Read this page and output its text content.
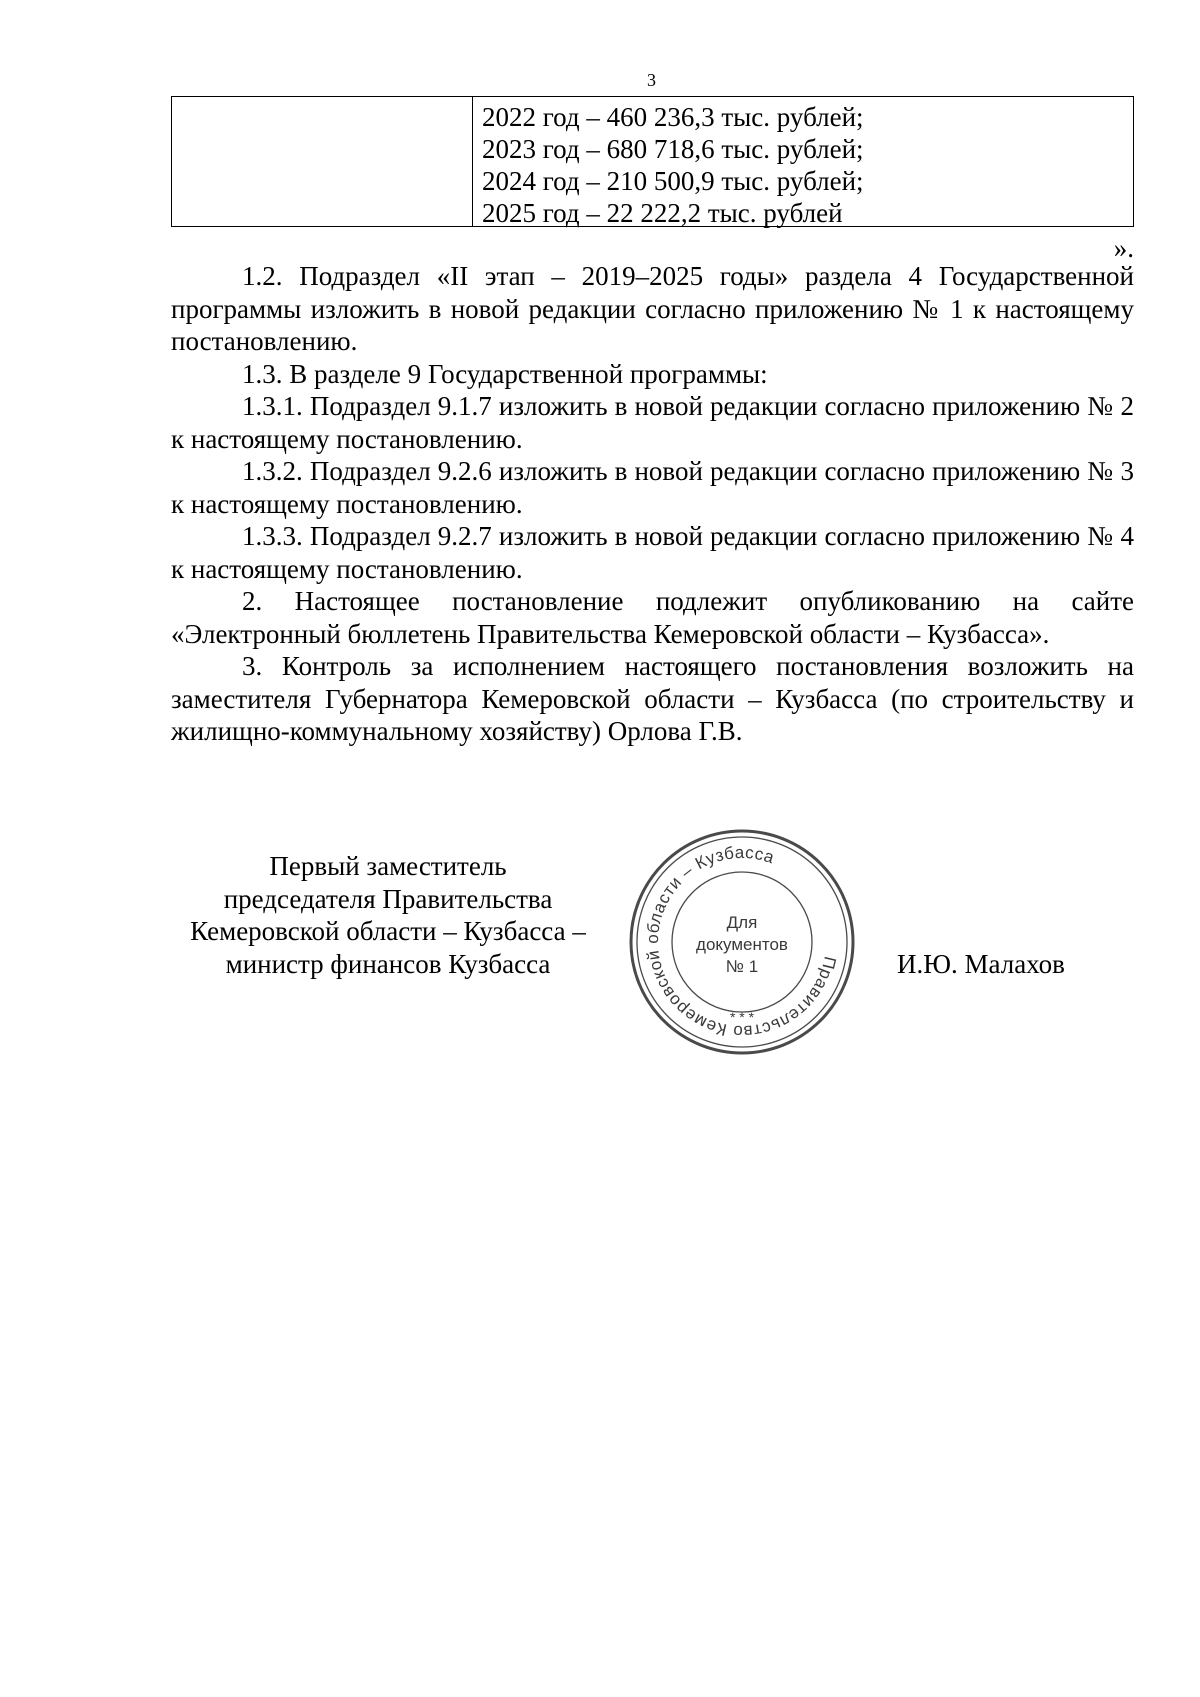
3
2022 год – 460 236,3 тыс. рублей;
2023 год – 680 718,6 тыс. рублей;
2024 год – 210 500,9 тыс. рублей;
2025 год – 22 222,2 тыс. рублей
».

1.2. Подраздел «II этап – 2019–2025 годы» раздела 4 Государственной программы изложить в новой редакции согласно приложению № 1 к настоящему постановлению.

1.3. В разделе 9 Государственной программы:

1.3.1. Подраздел 9.1.7 изложить в новой редакции согласно приложению № 2 к настоящему постановлению.

1.3.2. Подраздел 9.2.6 изложить в новой редакции согласно приложению № 3 к настоящему постановлению.

1.3.3. Подраздел 9.2.7 изложить в новой редакции согласно приложению № 4 к настоящему постановлению.

2. Настоящее постановление подлежит опубликованию на сайте «Электронный бюллетень Правительства Кемеровской области – Кузбасса».

3. Контроль за исполнением настоящего постановления возложить на заместителя Губернатора Кемеровской области – Кузбасса (по строительству и жилищно-коммунальному хозяйству) Орлова Г.В.

Первый заместитель
председателя Правительства
Кемеровской области – Кузбасса –
министр финансов Кузбасса	Правительство Кемеровской области – Кузбасса
* * *
Для
документов
№ 1	И.Ю. Малахов
